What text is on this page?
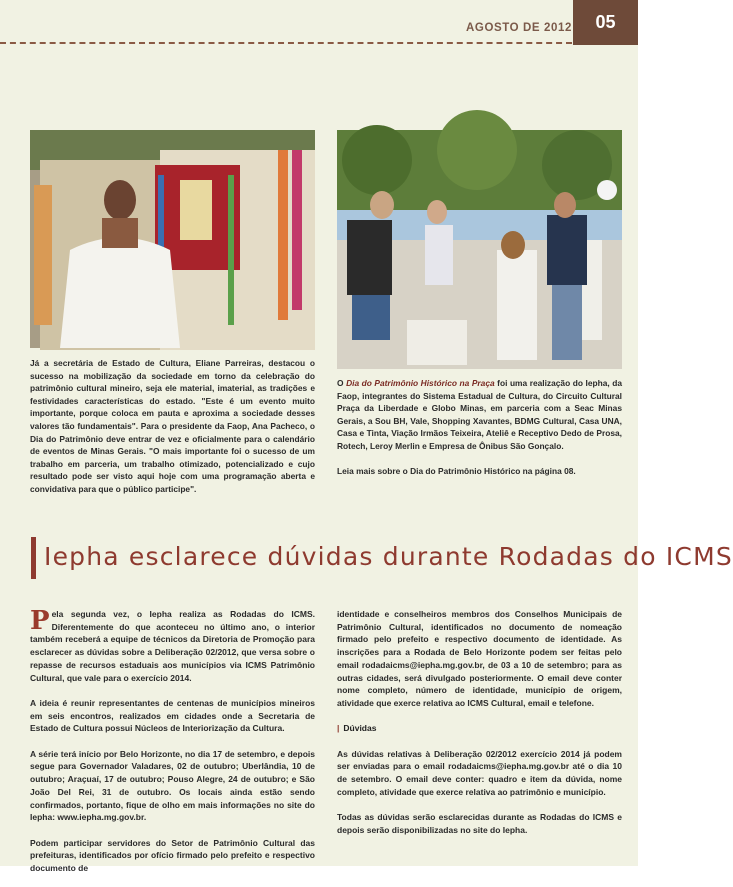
AGOSTO DE 2012	05

Já a secretária de Estado de Cultura, Eliane Parreiras, destacou o sucesso na mobilização da sociedade em torno da celebração do patrimônio cultural mineiro, seja ele material, imaterial, as tradições e festividades características do estado. "Este é um evento muito importante, porque coloca em pauta e aproxima a sociedade desses valores tão fundamentais". Para o presidente da Faop, Ana Pacheco, o Dia do Patrimônio deve entrar de vez e oficialmente para o calendário de eventos de Minas Gerais. "O mais importante foi o sucesso de um trabalho em parceria, um trabalho otimizado, potencializado e cujo resultado pode ser visto aqui hoje com uma programação aberta e convidativa para que o público participe".

O Dia do Patrimônio Histórico na Praça foi uma realização do Iepha, da Faop, integrantes do Sistema Estadual de Cultura, do Circuito Cultural Praça da Liberdade e Globo Minas, em parceria com a Seac Minas Gerais, a Sou BH, Vale, Shopping Xavantes, BDMG Cultural, Casa UNA, Casa e Tinta, Viação Irmãos Teixeira, Ateliê e Receptivo Dedo de Prosa, Rotech, Leroy Merlin e Empresa de Ônibus São Gonçalo.

Leia mais sobre o Dia do Patrimônio Histórico na página 08.

Iepha esclarece dúvidas durante Rodadas do ICMS

Pela segunda vez, o Iepha realiza as Rodadas do ICMS. Diferentemente do que aconteceu no último ano, o interior também receberá a equipe de técnicos da Diretoria de Promoção para esclarecer as dúvidas sobre a Deliberação 02/2012, que versa sobre o repasse de recursos estaduais aos municípios via ICMS Patrimônio Cultural, que vale para o exercício 2014.

A ideia é reunir representantes de centenas de municípios mineiros em seis encontros, realizados em cidades onde a Secretaria de Estado de Cultura possui Núcleos de Interiorização da Cultura.

A série terá início por Belo Horizonte, no dia 17 de setembro, e depois segue para Governador Valadares, 02 de outubro; Uberlândia, 10 de outubro; Araçuaí, 17 de outubro; Pouso Alegre, 24 de outubro; e São João Del Rei, 31 de outubro. Os locais ainda estão sendo confirmados, portanto, fique de olho em mais informações no site do Iepha: www.iepha.mg.gov.br.

Podem participar servidores do Setor de Patrimônio Cultural das prefeituras, identificados por ofício firmado pelo prefeito e respectivo documento de

identidade e conselheiros membros dos Conselhos Municipais de Patrimônio Cultural, identificados no documento de nomeação firmado pelo prefeito e respectivo documento de identidade. As inscrições para a Rodada de Belo Horizonte podem ser feitas pelo email rodadaicms@iepha.mg.gov.br, de 03 a 10 de setembro; para as outras cidades, será divulgado posteriormente. O email deve conter nome completo, número de identidade, município de origem, atividade que exerce relativa ao ICMS Cultural, email e telefone.

| Dúvidas

As dúvidas relativas à Deliberação 02/2012 exercício 2014 já podem ser enviadas para o email rodadaicms@iepha.mg.gov.br até o dia 10 de setembro. O email deve conter: quadro e item da dúvida, nome completo, atividade que exerce relativa ao patrimônio e município.

Todas as dúvidas serão esclarecidas durante as Rodadas do ICMS e depois serão disponibilizadas no site do Iepha.
